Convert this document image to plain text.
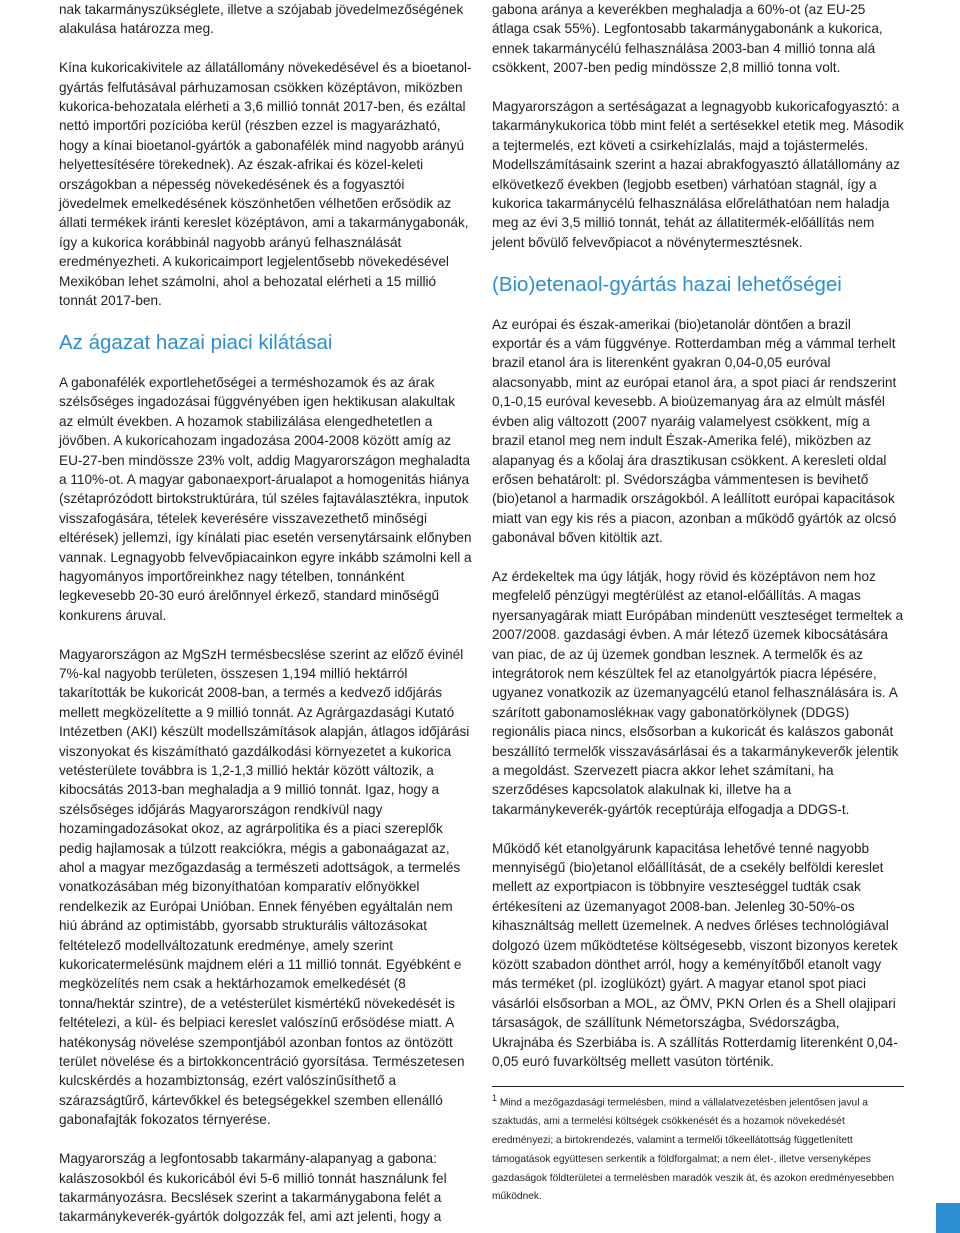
nak takarmányszükséglete, illetve a szójabab jövedelmezőségének alakulása határozza meg.

Kína kukoricakivitele az állatállomány növekedésével és a bioetanol-gyártás felfutásával párhuzamosan csökken középtávon, miközben kukorica-behozatala elérheti a 3,6 millió tonnát 2017-ben, és ezáltal nettó importőri pozícióba kerül (részben ezzel is magyarázható, hogy a kínai bioetanol-gyártók a gabonafélék mind nagyobb arányú helyettesítésére törekednek). Az észak-afrikai és közel-keleti országokban a népesség növekedésének és a fogyasztói jövedelmek emelkedésének köszönhetően vélhetően erősödik az állati termékek iránti kereslet középtávon, ami a takarmánygabonák, így a kukorica korábbinál nagyobb arányú felhasználását eredményezheti. A kukoricaimport legjelentősebb növekedésével Mexikóban lehet számolni, ahol a behozatal elérheti a 15 millió tonnát 2017-ben.

Az ágazat hazai piaci kilátásai

A gabonafélék exportlehetőségei a terméshozamok és az árak szélsőséges ingadozásai függvényében igen hektikusan alakultak az elmúlt években. A hozamok stabilizálása elengedhetetlen a jövőben. A kukoricahozam ingadozása 2004-2008 között amíg az EU-27-ben mindössze 23% volt, addig Magyarországon meghaladta a 110%-ot. A magyar gabonaexport-árualapot a homogenitás hiánya (szétaprózódott birtokstruktúrára, túl széles fajtaválasztékra, inputok visszafogására, tételek keverésére visszavezethető minőségi eltérések) jellemzi, így kínálati piac esetén versenytársaink előnyben vannak. Legnagyobb felvevőpiacainkon egyre inkább számolni kell a hagyományos importőreinkhez nagy tételben, tonnánként legkevesebb 20-30 euró árelőnnyel érkező, standard minőségű konkurens áruval.

Magyarországon az MgSzH termésbecslése szerint az előző évinél 7%-kal nagyobb területen, összesen 1,194 millió hektárról takarították be kukoricát 2008-ban, a termés a kedvező időjárás mellett megközelítette a 9 millió tonnát. Az Agrárgazdasági Kutató Intézetben (AKI) készült modellszámítások alapján, átlagos időjárási viszonyokat és kiszámítható gazdálkodási környezetet a kukorica vetésterülete továbbra is 1,2-1,3 millió hektár között változik, a kibocsátás 2013-ban meghaladja a 9 millió tonnát. Igaz, hogy a szélsőséges időjárás Magyarországon rendkívül nagy hozamingadozásokat okoz, az agrárpolitika és a piaci szereplők pedig hajlamosak a túlzott reakciókra, mégis a gabonaágazat az, ahol a magyar mezőgazdaság a természeti adottságok, a termelés vonatkozásában még bizonyíthatóan komparatív előnyökkel rendelkezik az Európai Unióban. Ennek fényében egyáltalán nem hiú ábránd az optimistább, gyorsabb strukturális változásokat feltételező modellváltozatunk eredménye, amely szerint kukoricatermelésünk majdnem eléri a 11 millió tonnát. Egyébként e megközelítés nem csak a hektárhozamok emelkedését (8 tonna/hektár szintre), de a vetésterület kismértékű növekedését is feltételezi, a kül- és belpiaci kereslet valószínű erősödése miatt. A hatékonyság növelése szempontjából azonban fontos az öntözött terület növelése és a birtokkoncentráció gyorsítása. Természetesen kulcskérdés a hozambiztonság, ezért valószínűsíthető a szárazságtűrő, kártevőkkel és betegségekkel szemben ellenálló gabonafajták fokozatos térnyerése.

Magyarország a legfontosabb takarmány-alapanyag a gabona: kalászosokból és kukoricából évi 5-6 millió tonnát használunk fel takarmányozásra. Becslések szerint a takarmánygabona felét a takarmánykeverék-gyártók dolgozzák fel, ami azt jelenti, hogy a

gabona aránya a keverékben meghaladja a 60%-ot (az EU-25 átlaga csak 55%). Legfontosabb takarmánygabonánk a kukorica, ennek takarmánycélú felhasználása 2003-ban 4 millió tonna alá csökkent, 2007-ben pedig mindössze 2,8 millió tonna volt.

Magyarországon a sertéságazat a legnagyobb kukoricafogyasztó: a takarmánykukorica több mint felét a sertésekkel etetik meg. Második a tejtermelés, ezt követi a csirkehízlalás, majd a tojástermelés. Modellszámításaink szerint a hazai abrakfogyasztó állatállomány az elkövetkező években (legjobb esetben) várhatóan stagnál, így a kukorica takarmánycélú felhasználása előreláthatóan nem haladja meg az évi 3,5 millió tonnát, tehát az állatitermék-előállítás nem jelent bővülő felvevőpiacot a növénytermesztésnek.

(Bio)etenaol-gyártás hazai lehetőségei

Az európai és észak-amerikai (bio)etanolár döntően a brazil exportár és a vám függvénye. Rotterdamban még a vámmal terhelt brazil etanol ára is literenként gyakran 0,04-0,05 euróval alacsonyabb, mint az európai etanol ára, a spot piaci ár rendszerint 0,1-0,15 euróval kevesebb. A bioüzemanyag ára az elmúlt másfél évben alig változott (2007 nyaráig valamelyest csökkent, míg a brazil etanol meg nem indult Észak-Amerika felé), miközben az alapanyag és a kőolaj ára drasztikusan csökkent. A keresleti oldal erősen behatárolt: pl. Svédországba vámmentesen is bevihető (bio)etanol a harmadik országokból. A leállított európai kapacitások miatt van egy kis rés a piacon, azonban a működő gyártók az olcsó gabonával bőven kitöltik azt.

Az érdekeltek ma úgy látják, hogy rövid és középtávon nem hoz megfelelő pénzügyi megtérülést az etanol-előállítás. A magas nyersanyagárak miatt Európában mindenütt veszteséget termeltek a 2007/2008. gazdasági évben. A már létező üzemek kibocsátására van piac, de az új üzemek gondban lesznek. A termelők és az integrátorok nem készültek fel az etanolgyártók piacra lépésére, ugyanez vonatkozik az üzemanyagcélú etanol felhasználására is. A szárított gabonamoslékнак vagy gabonatörkölynek (DDGS) regionális piaca nincs, elsősorban a kukoricát és kalászos gabonát beszállító termelők visszavásárlásai és a takarmánykeverők jelentik a megoldást. Szervezett piacra akkor lehet számítani, ha szerződéses kapcsolatok alakulnak ki, illetve ha a takarmánykeverék-gyártók receptúrája elfogadja a DDGS-t.

Működő két etanolgyárunk kapacitása lehetővé tenné nagyobb mennyiségű (bio)etanol előállítását, de a csekély belföldi kereslet mellett az exportpiacon is többnyire veszteséggel tudták csak értékesíteni az üzemanyagot 2008-ban. Jelenleg 30-50%-os kihasználtság mellett üzemelnek. A nedves őrléses technológiával dolgozó üzem működtetése költségesebb, viszont bizonyos keretek között szabadon dönthet arról, hogy a keményítőből etanolt vagy más terméket (pl. izoglükózt) gyárt. A magyar etanol spot piaci vásárlói elsősorban a MOL, az ÖMV, PKN Orlen és a Shell olajipari társaságok, de szállítunk Németországba, Svédországba, Ukrajnába és Szerbiába is. A szállítás Rotterdamig literenként 0,04-0,05 euró fuvarköltség mellett vasúton történik.

$^1$ Mind a mezőgazdasági termelésben, mind a vállalatvezetésben jelentősen javul a szaktudás, ami a termelési költségek csökkenését és a hozamok növekedését eredményezi; a birtokrendezés, valamint a termelői tőkeellátottság függetlenített támogatások együttesen serkentik a földforgalmat; a nem élet-, illetve versenyképes gazdaságok földterületei a termelésben maradók veszik át, és azokon eredményesebben működnek.
